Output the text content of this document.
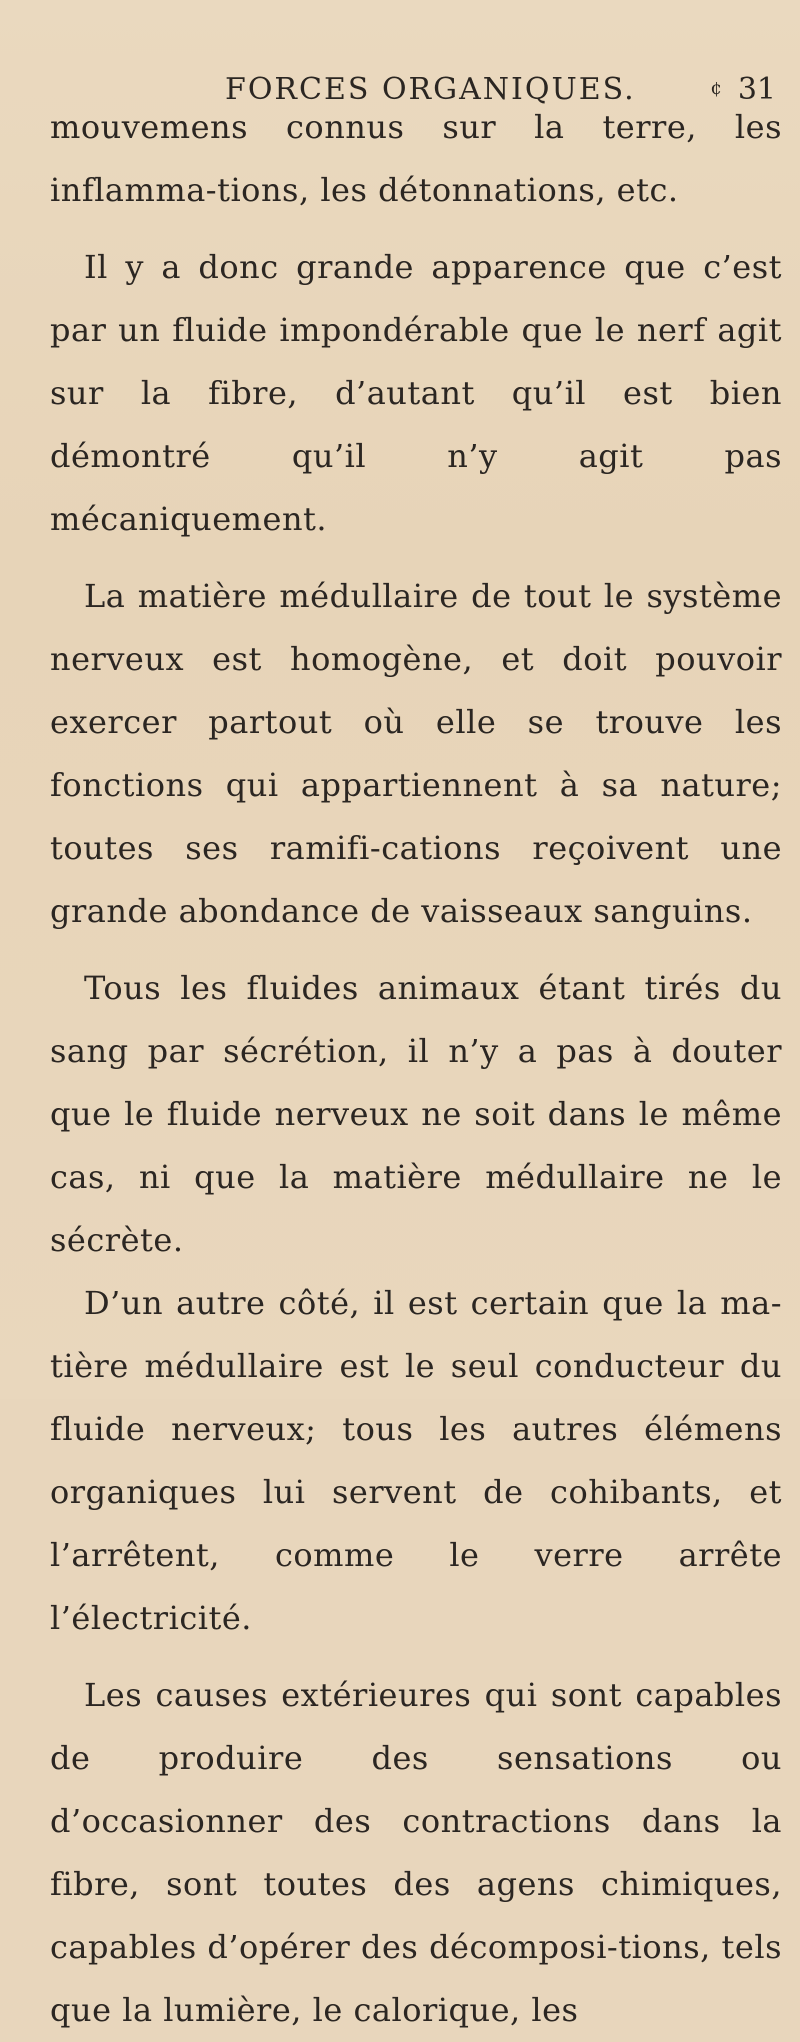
FORCES ORGANIQUES.	¢ 31

mouvemens connus sur la terre, les inflamma-tions, les détonnations, etc.

Il y a donc grande apparence que c’est par un fluide impondérable que le nerf agit sur la fibre, d’autant qu’il est bien démontré qu’il n’y agit pas mécaniquement.

La matière médullaire de tout le système nerveux est homogène, et doit pouvoir exercer partout où elle se trouve les fonctions qui appartiennent à sa nature; toutes ses ramifi-cations reçoivent une grande abondance de vaisseaux sanguins.

Tous les fluides animaux étant tirés du sang par sécrétion, il n’y a pas à douter que le fluide nerveux ne soit dans le même cas, ni que la matière médullaire ne le sécrète.

D’un autre côté, il est certain que la ma-tière médullaire est le seul conducteur du fluide nerveux; tous les autres élémens organiques lui servent de cohibants, et l’arrêtent, comme le verre arrête l’électricité.

Les causes extérieures qui sont capables de produire des sensations ou d’occasionner des contractions dans la fibre, sont toutes des agens chimiques, capables d’opérer des décomposi-tions, tels que la lumière, le calorique, les
